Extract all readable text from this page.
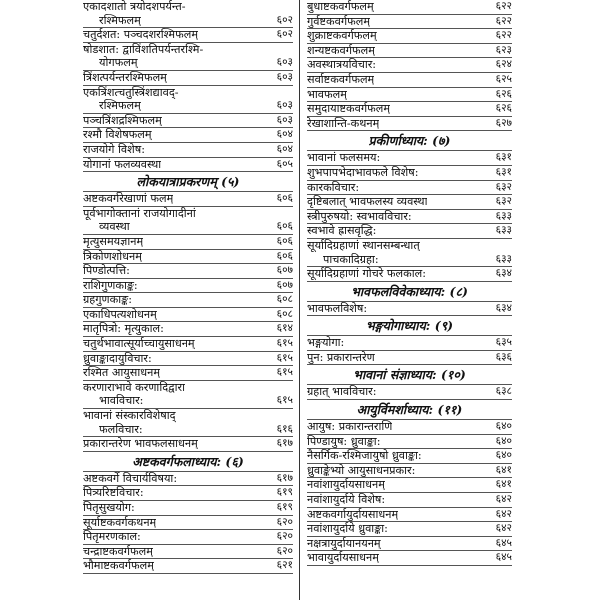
एकादशातो त्रयोदशपर्यन्त-
रश्मिफलम्	६०२
चतुर्दशत: पञ्चदशरश्मिफलम्	६०२
षोडशात: द्वाविंशतिपर्यन्तरश्मि-
योगफलम्	६०३
त्रिंशत्पर्यन्तरश्मिफलम्	६०३
एकत्रिंशत्चतुस्त्रिंशद्यावद्-
रश्मिफलम्	६०३
पञ्चत्रिंशद्रश्मिफलम्	६०३
रश्मौ विशेषफलम्	६०४
राजयोगे विशेष:	६०४
योगानां फलव्यवस्था	६०५
लोकयात्राप्रकरणम् (५)
अष्टकवर्गरेखाणां फलम्	६०६
पूर्वभागोक्तानां राजयोगादीनां
व्यवस्था	६०६
मृत्युसमयज्ञानम्	६०६
त्रिकोणशोधनम्	६०६
पिण्डोत्पत्ति:	६०७
राशिगुणकाङ्क:	६०७
ग्रहगुणकाङ्क:	६०८
एकाधिपत्यशोधनम्	६०८
मातृपित्रो: मृत्युकाल:	६१४
चतुर्थभावात्सूर्याच्चायुसाधनम्	६१५
ध्रुवाङ्कादायुविचार:	६१५
रश्मित आयुसाधनम्	६१५
करणाराभावे करणादिद्वारा
भावविचार:	६१५
भावानां संस्कारविशेषाद्
फलविचार:	६१६
प्रकारान्तरेण भावफलसाधनम्	६१७
अष्टकवर्गफलाध्याय: (६)
अष्टकवर्गे विचार्यविषया:	६१७
पित्र्यरिष्टविचार:	६१९
पितृसुखयोग:	६१९
सूर्याष्टकवर्गकथनम्	६२०
पितृमरणकाल:	६२०
चन्द्राष्टकवर्गफलम्	६२०
भौमाष्टकवर्गफलम्	६२१
बुधाष्टकवर्गफलम्	६२२
गुर्वष्टकवर्गफलम्	६२२
शुक्राष्टकवर्गफलम्	६२२
शन्यष्टकवर्गफलम्	६२३
अवस्थात्रयविचार:	६२४
सर्वाष्टकवर्गफलम्	६२५
भावफलम्	६२६
समुदायाष्टकवर्गफलम्	६२६
रेखाशान्ति-कथनम्	६२७
प्रकीर्णाध्याय: (७)
भावानां फलसमय:	६३१
शुभपापभेदाभावफले विशेष:	६३१
कारकविचार:	६३२
दृष्टिबलात् भावफलस्य व्यवस्था	६३२
स्त्रीपुरुषयो: स्वभावविचार:	६३३
स्वभावे ह्रासवृद्धि:	६३३
सूर्यादिग्रहाणां स्थानसम्बन्धात्
पाचकादिग्रहा:	६३३
सूर्यादिग्रहाणां गोचरे फलकाल:	६३४
भावफलविवेकाध्याय: (८)
भावफलविशेष:	६३४
भङ्गयोगाध्याय: (९)
भङ्गयोगा:	६३५
पुन: प्रकारान्तरेण	६३६
भावानां संज्ञाध्याय: (१०)
ग्रहात् भावविचार:	६३८
आयुर्विमर्शाध्याय: (११)
आयुष: प्रकारान्तराणि	६४०
पिण्डायुष: ध्रुवाङ्का:	६४०
नैसर्गिक-रश्मिजायुषो ध्रुवाङ्का:	६४०
ध्रुवाङ्केभ्यो आयुसाधनप्रकार:	६४१
नवांशायुर्दायसाधनम्	६४१
नवांशायुर्दाये विशेष:	६४२
अष्टकवर्गायुर्दायसाधनम्	६४२
नवांशायुर्दाये ध्रुवाङ्का:	६४२
नक्षत्रायुर्दायानयनम्	६४५
भावायुर्दायसाधनम्	६४५
